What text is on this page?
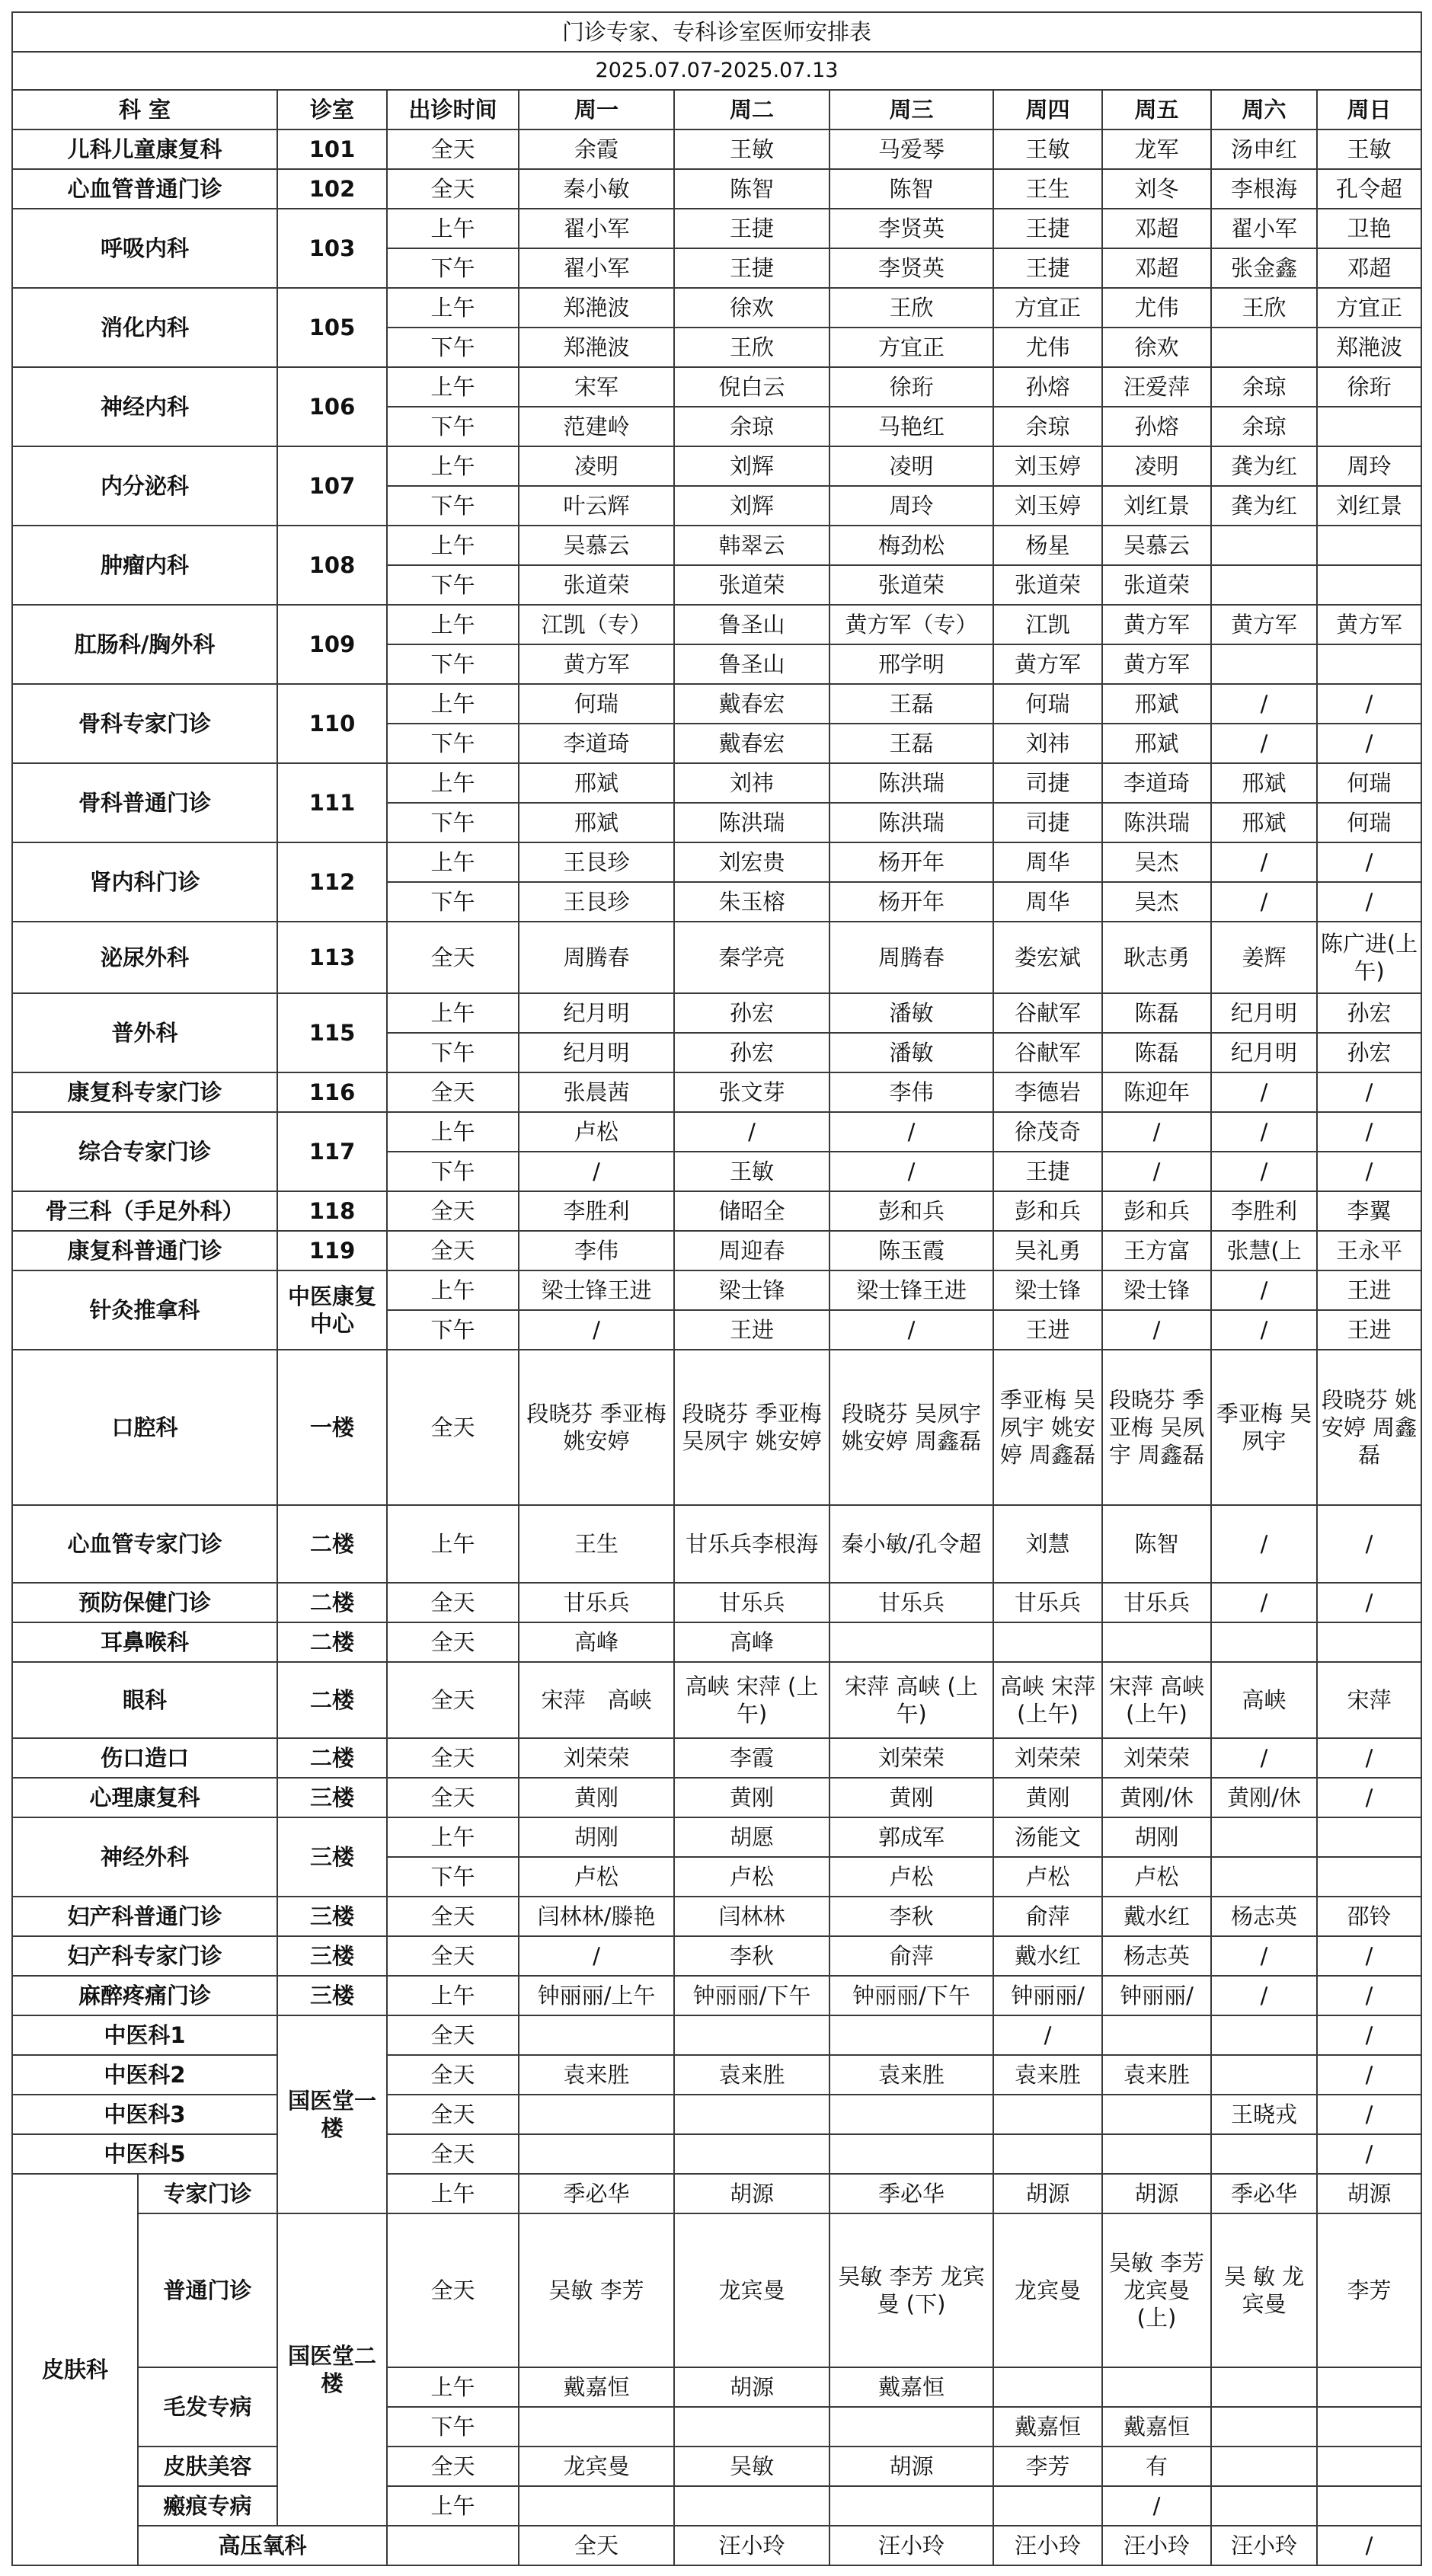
门诊专家、专科诊室医师安排表											
2025.07.07-2025.07.13											
科 室		诊室	出诊时间	周一	周二	周三	周四	周五	周六	周日	
儿科儿童康复科		101	全天	余霞	王敏	马爱琴	王敏	龙军	汤申红	王敏	
心血管普通门诊		102	全天	秦小敏	陈智	陈智	王生	刘冬	李根海	孔令超	
呼吸内科		103	上午	翟小军	王捷	李贤英	王捷	邓超	翟小军	卫艳	
			下午	翟小军	王捷	李贤英	王捷	邓超	张金鑫	邓超	
消化内科		105	上午	郑滟波	徐欢	王欣	方宜正	尤伟	王欣	方宜正	
			下午	郑滟波	王欣	方宜正	尤伟	徐欢		郑滟波	
神经内科		106	上午	宋军	倪白云	徐珩	孙熔	汪爱萍	余琼	徐珩	
			下午	范建岭	余琼	马艳红	余琼	孙熔	余琼		
内分泌科		107	上午	凌明	刘辉	凌明	刘玉婷	凌明	龚为红	周玲	
			下午	叶云辉	刘辉	周玲	刘玉婷	刘红景	龚为红	刘红景	
肿瘤内科		108	上午	吴慕云	韩翠云	梅劲松	杨星	吴慕云			
			下午	张道荣	张道荣	张道荣	张道荣	张道荣			
肛肠科/胸外科		109	上午	江凯（专）	鲁圣山	黄方军（专）	江凯	黄方军	黄方军	黄方军	
			下午	黄方军	鲁圣山	邢学明	黄方军	黄方军			
骨科专家门诊		110	上午	何瑞	戴春宏	王磊	何瑞	邢斌	/	/	
			下午	李道琦	戴春宏	王磊	刘祎	邢斌	/	/	
骨科普通门诊		111	上午	邢斌	刘祎	陈洪瑞	司捷	李道琦	邢斌	何瑞	
			下午	邢斌	陈洪瑞	陈洪瑞	司捷	陈洪瑞	邢斌	何瑞	
肾内科门诊		112	上午	王艮珍	刘宏贵	杨开年	周华	吴杰	/	/	
			下午	王艮珍	朱玉榕	杨开年	周华	吴杰	/	/	
泌尿外科		113	全天	周腾春	秦学亮	周腾春	娄宏斌	耿志勇	姜辉	陈广进(上午)	
普外科		115	上午	纪月明	孙宏	潘敏	谷献军	陈磊	纪月明	孙宏	
			下午	纪月明	孙宏	潘敏	谷献军	陈磊	纪月明	孙宏	
康复科专家门诊		116	全天	张晨茜	张文芽	李伟	李德岩	陈迎年	/	/	
综合专家门诊		117	上午	卢松	/	/	徐茂奇	/	/	/	
			下午	/	王敏	/	王捷	/	/	/	
骨三科（手足外科）		118	全天	李胜利	储昭全	彭和兵	彭和兵	彭和兵	李胜利	李翼	
康复科普通门诊		119	全天	李伟	周迎春	陈玉霞	吴礼勇	王方富	张慧(上	王永平	
针灸推拿科		中医康复中心	上午	梁士锋王进	梁士锋	梁士锋王进	梁士锋	梁士锋	/	王进	
			下午	/	王进	/	王进	/	/	王进	
口腔科		一楼	全天	段晓芬 季亚梅 姚安婷	段晓芬 季亚梅 吴夙宇 姚安婷	段晓芬 吴夙宇 姚安婷 周鑫磊	季亚梅 吴夙宇 姚安婷 周鑫磊	段晓芬 季亚梅 吴夙宇 周鑫磊	季亚梅 吴夙宇	段晓芬 姚安婷 周鑫磊	
心血管专家门诊		二楼	上午	王生	甘乐兵李根海	秦小敏/孔令超	刘慧	陈智	/	/	
预防保健门诊		二楼	全天	甘乐兵	甘乐兵	甘乐兵	甘乐兵	甘乐兵	/	/	
耳鼻喉科		二楼	全天	高峰	高峰						
眼科		二楼	全天	宋萍　高峡	高峡 宋萍 (上午)	宋萍 高峡 (上午)	高峡 宋萍 (上午)	宋萍 高峡 (上午)	高峡	宋萍	
伤口造口		二楼	全天	刘荣荣	李霞	刘荣荣	刘荣荣	刘荣荣	/	/	
心理康复科		三楼	全天	黄刚	黄刚	黄刚	黄刚	黄刚/休	黄刚/休	/	
神经外科		三楼	上午	胡刚	胡愿	郭成军	汤能文	胡刚			
			下午	卢松	卢松	卢松	卢松	卢松			
妇产科普通门诊		三楼	全天	闫林林/滕艳	闫林林	李秋	俞萍	戴水红	杨志英	邵铃	
妇产科专家门诊		三楼	全天	/	李秋	俞萍	戴水红	杨志英	/	/	
麻醉疼痛门诊		三楼	上午	钟丽丽/上午	钟丽丽/下午	钟丽丽/下午	钟丽丽/	钟丽丽/	/	/	
中医科1		国医堂一楼	全天				/			/	
中医科2			全天	袁来胜	袁来胜	袁来胜	袁来胜	袁来胜		/	
中医科3			全天						王晓戎	/	
中医科5			全天							/	
皮肤科	专家门诊		上午	季必华	胡源	季必华	胡源	胡源	季必华	胡源	
	普通门诊	国医堂二楼	全天	吴敏 李芳	龙宾曼	吴敏 李芳 龙宾曼 (下)	龙宾曼	吴敏 李芳 龙宾曼 (上)	吴 敏 龙宾曼	李芳	
	毛发专病		上午	戴嘉恒	胡源	戴嘉恒					
			下午				戴嘉恒	戴嘉恒			
	皮肤美容		全天	龙宾曼	吴敏	胡源	李芳	有			
	瘢痕专病		上午					/			
	高压氧科			全天	汪小玲	汪小玲	汪小玲	汪小玲	汪小玲	/	
